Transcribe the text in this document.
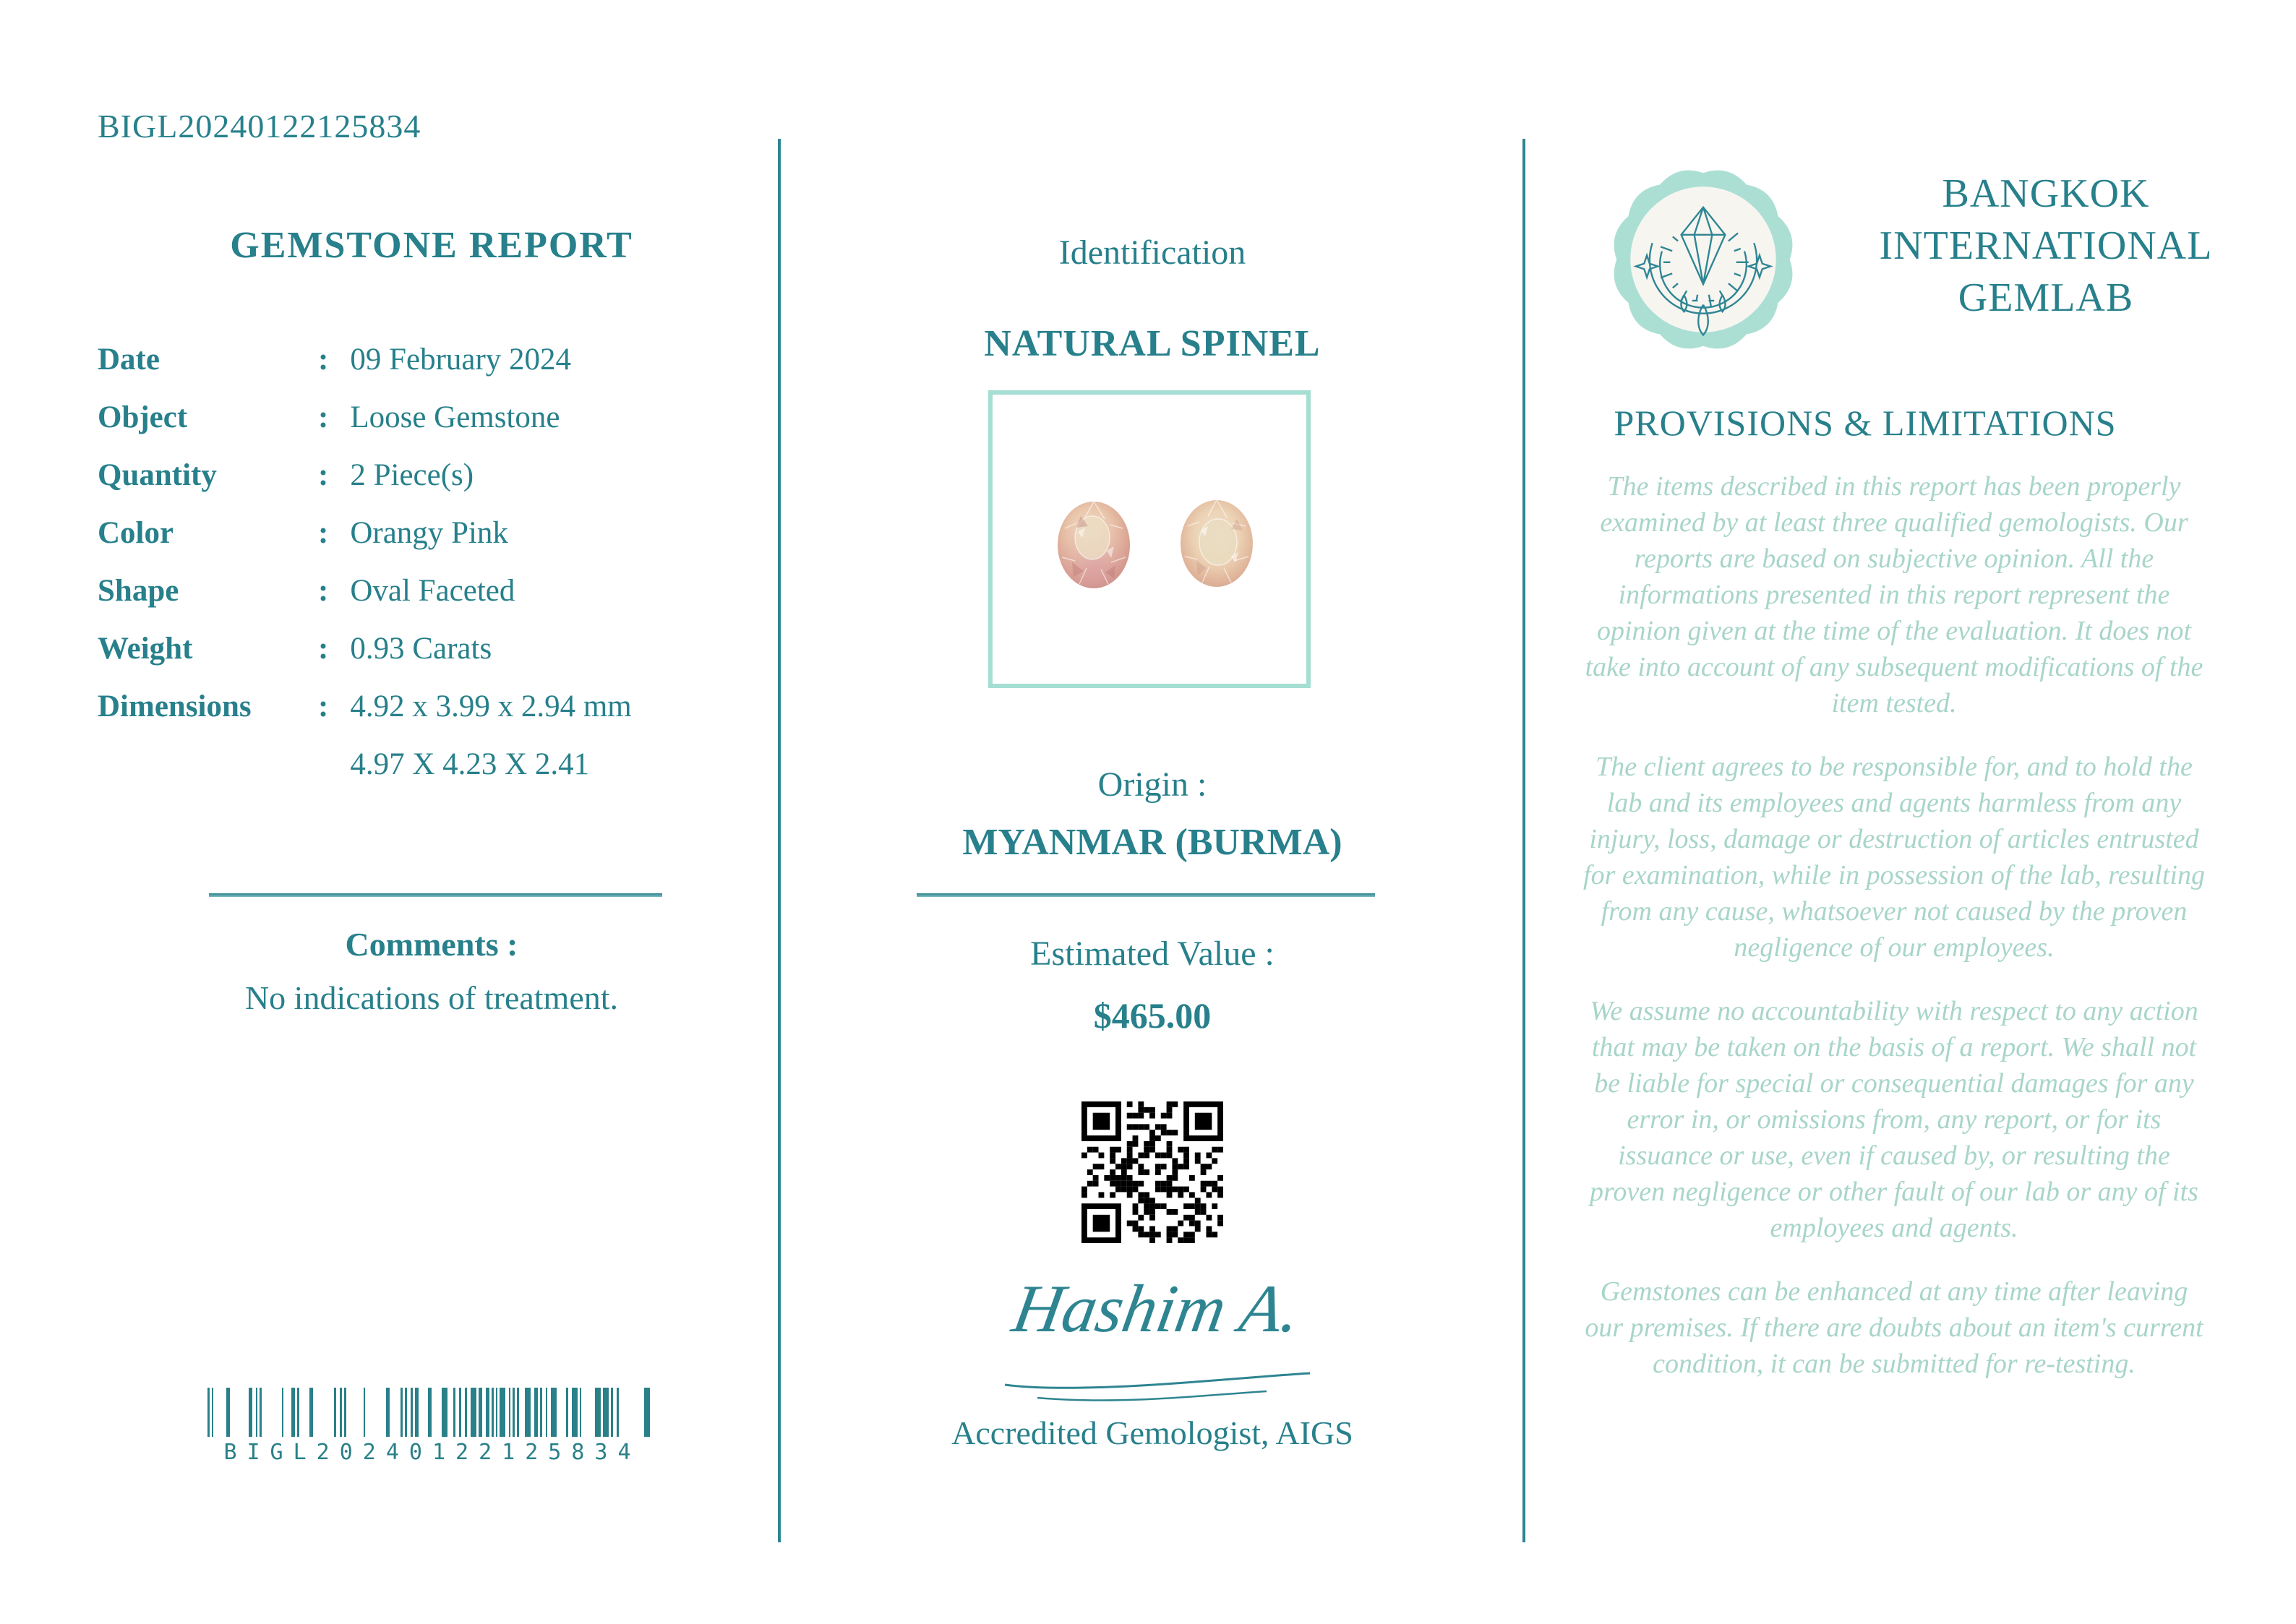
BIGL20240122125834
GEMSTONE REPORT
Date	: 09 February 2024
Object	: Loose Gemstone
Quantity	: 2 Piece(s)
Color	: Orangy Pink
Shape	: Oval Faceted
Weight	: 0.93 Carats
Dimensions	: 4.92 x 3.99 x 2.94 mm
4.97 X 4.23 X 2.41
Comments :
No indications of treatment.
BIGL20240122125834
Identification
NATURAL SPINEL
Origin :
MYANMAR (BURMA)
Estimated Value :
$465.00
Hashim A.
Accredited Gemologist, AIGS
BANGKOK
INTERNATIONAL
GEMLAB
PROVISIONS & LIMITATIONS

The items described in this report has been properly examined by at least three qualified gemologists. Our reports are based on subjective opinion. All the informations presented in this report represent the opinion given at the time of the evaluation. It does not take into account of any subsequent modifications of the item tested.

The client agrees to be responsible for, and to hold the lab and its employees and agents harmless from any injury, loss, damage or destruction of articles entrusted for examination, while in possession of the lab, resulting from any cause, whatsoever not caused by the proven negligence of our employees.

We assume no accountability with respect to any action that may be taken on the basis of a report. We shall not be liable for special or consequential damages for any error in, or omissions from, any report, or for its issuance or use, even if caused by, or resulting the proven negligence or other fault of our lab or any of its employees and agents.

Gemstones can be enhanced at any time after leaving our premises. If there are doubts about an item's current condition, it can be submitted for re-testing.
